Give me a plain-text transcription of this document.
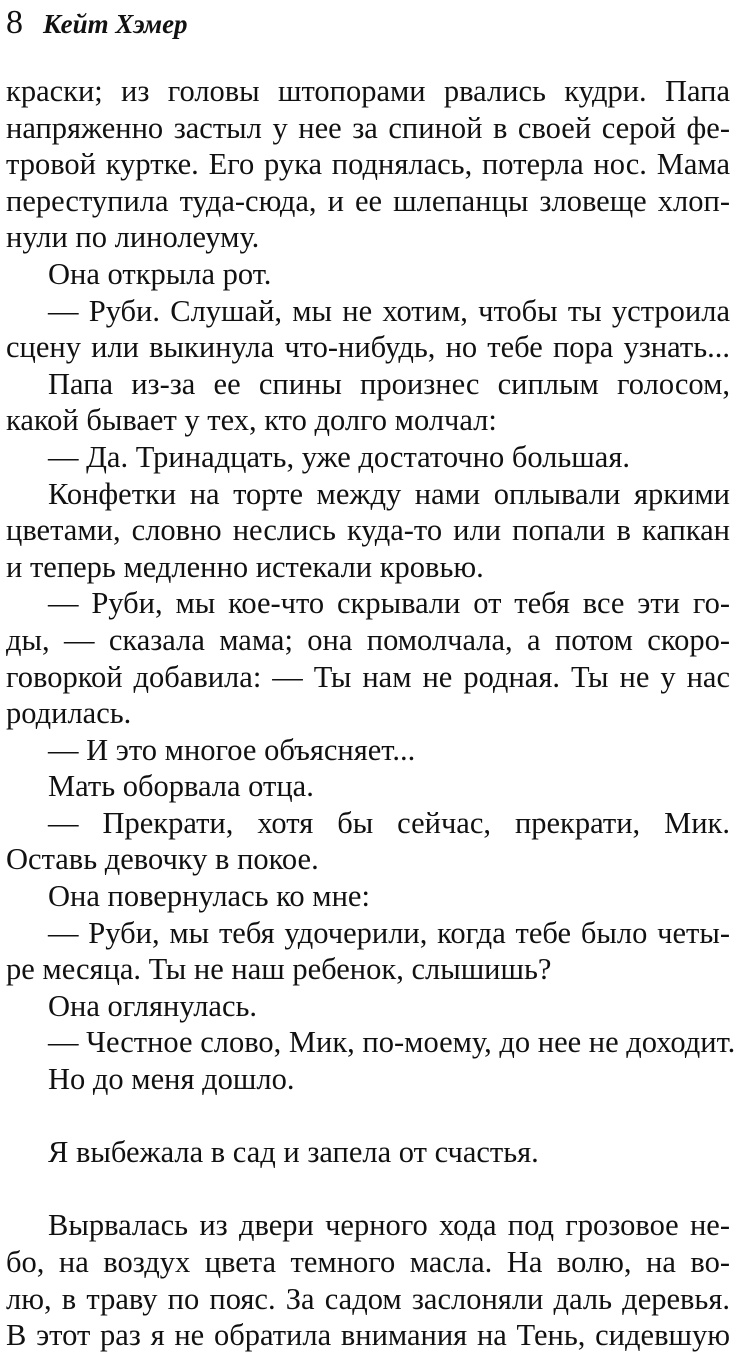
8 Кейт Хэмер
краски; из головы штопорами рвались кудри. Папа
напряженно застыл у нее за спиной в своей серой фе-
тровой куртке. Его рука поднялась, потерла нос. Мама
переступила туда-сюда, и ее шлепанцы зловеще хлоп-
нули по линолеуму.
Она открыла рот.
— Руби. Слушай, мы не хотим, чтобы ты устроила
сцену или выкинула что-нибудь, но тебе пора узнать...
Папа из-за ее спины произнес сиплым голосом,
какой бывает у тех, кто долго молчал:
— Да. Тринадцать, уже достаточно большая.
Конфетки на торте между нами оплывали яркими
цветами, словно неслись куда-то или попали в капкан
и теперь медленно истекали кровью.
— Руби, мы кое-что скрывали от тебя все эти го-
ды, — сказала мама; она помолчала, а потом скоро-
говоркой добавила: — Ты нам не родная. Ты не у нас
родилась.
— И это многое объясняет...
Мать оборвала отца.
— Прекрати, хотя бы сейчас, прекрати, Мик.
Оставь девочку в покое.
Она повернулась ко мне:
— Руби, мы тебя удочерили, когда тебе было четы-
ре месяца. Ты не наш ребенок, слышишь?
Она оглянулась.
— Честное слово, Мик, по-моему, до нее не доходит.
Но до меня дошло.
Я выбежала в сад и запела от счастья.
Вырвалась из двери черного хода под грозовое не-
бо, на воздух цвета темного масла. На волю, на во-
лю, в траву по пояс. За садом заслоняли даль деревья.
В этот раз я не обратила внимания на Тень, сидевшую
